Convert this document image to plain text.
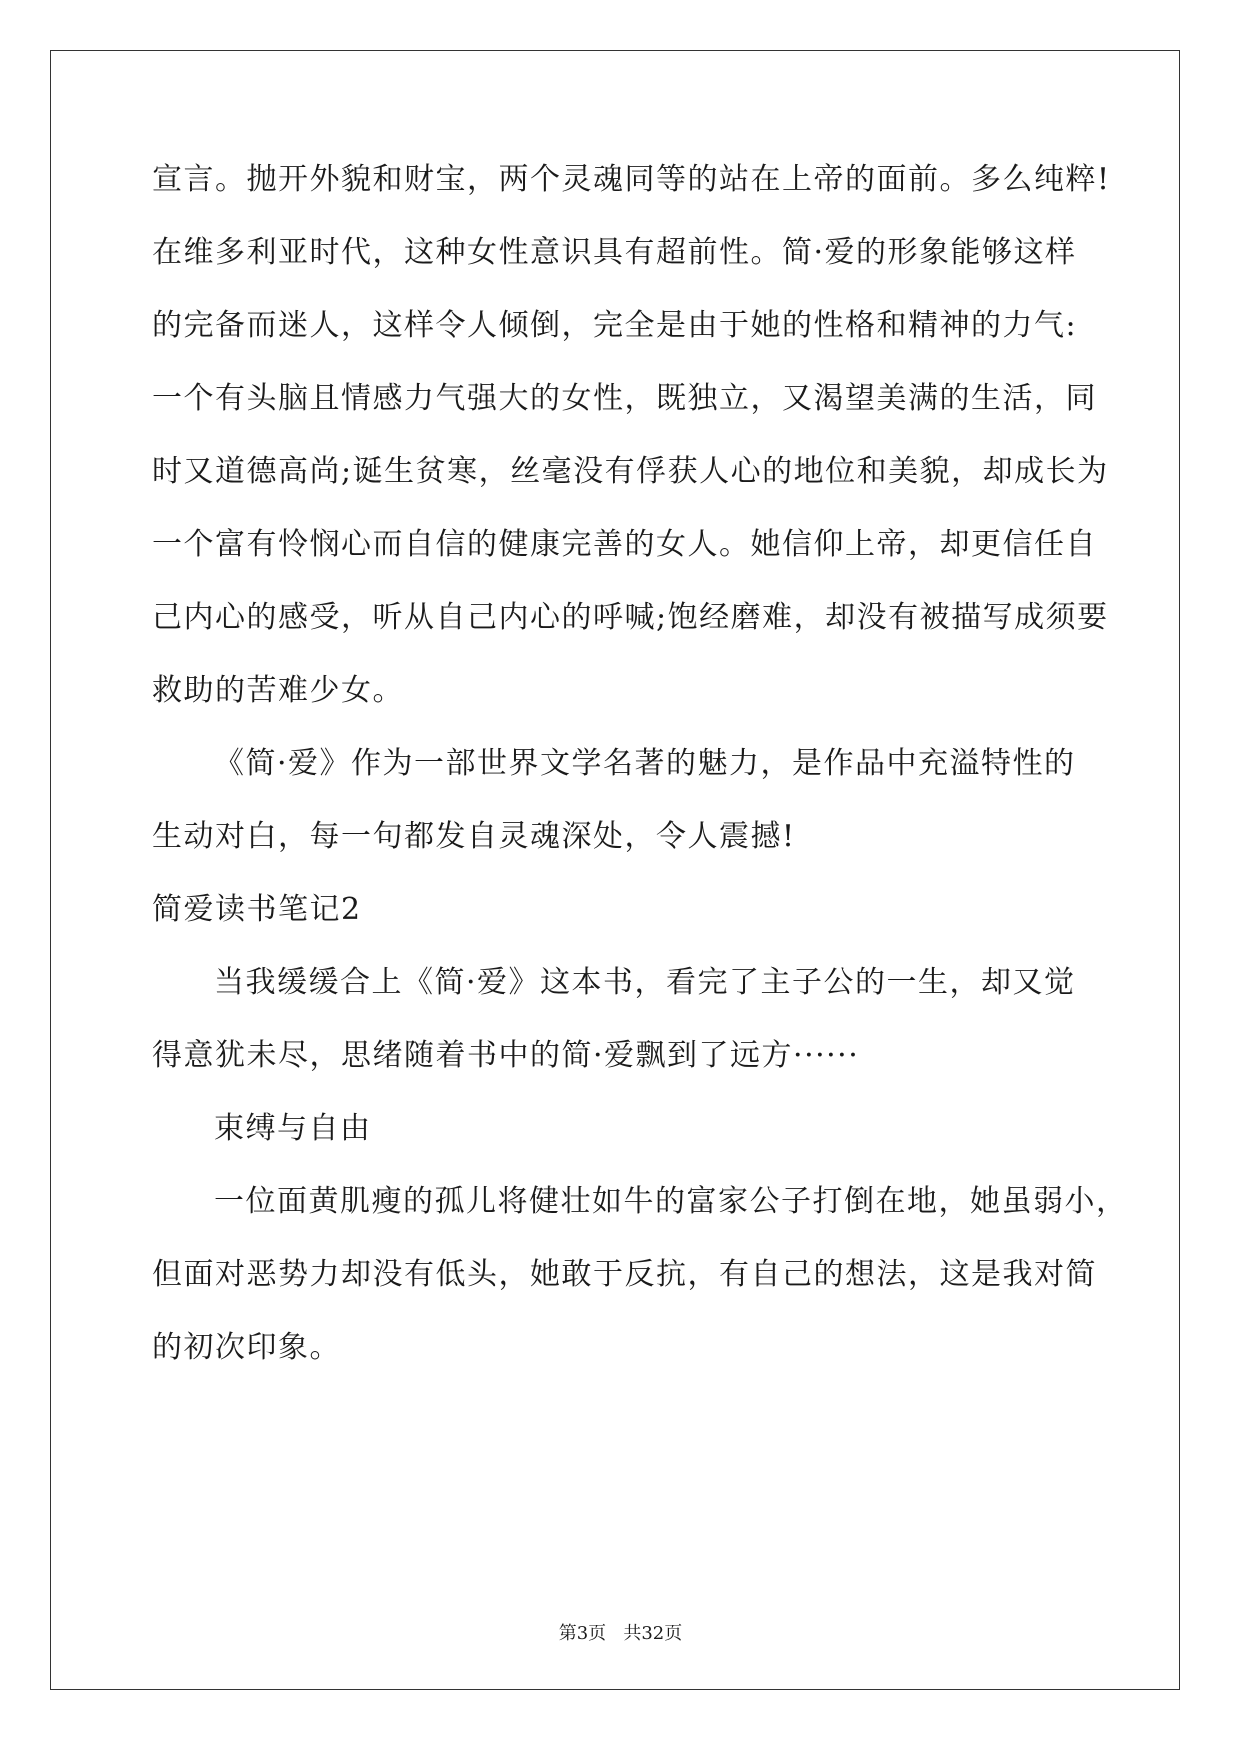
宣言。抛开外貌和财宝，两个灵魂同等的站在上帝的面前。多么纯粹!
在维多利亚时代，这种女性意识具有超前性。简·爱的形象能够这样
的完备而迷人，这样令人倾倒，完全是由于她的性格和精神的力气:
一个有头脑且情感力气强大的女性，既独立，又渴望美满的生活，同
时又道德高尚;诞生贫寒，丝毫没有俘获人心的地位和美貌，却成长为
一个富有怜悯心而自信的健康完善的女人。她信仰上帝，却更信任自
己内心的感受，听从自己内心的呼喊;饱经磨难，却没有被描写成须要
救助的苦难少女。
《简·爱》作为一部世界文学名著的魅力，是作品中充溢特性的
生动对白，每一句都发自灵魂深处，令人震撼!
简爱读书笔记2
当我缓缓合上《简·爱》这本书，看完了主子公的一生，却又觉
得意犹未尽，思绪随着书中的简·爱飘到了远方······
束缚与自由
一位面黄肌瘦的孤儿将健壮如牛的富家公子打倒在地，她虽弱小，
但面对恶势力却没有低头，她敢于反抗，有自己的想法，这是我对简
的初次印象。
第3页   共32页
